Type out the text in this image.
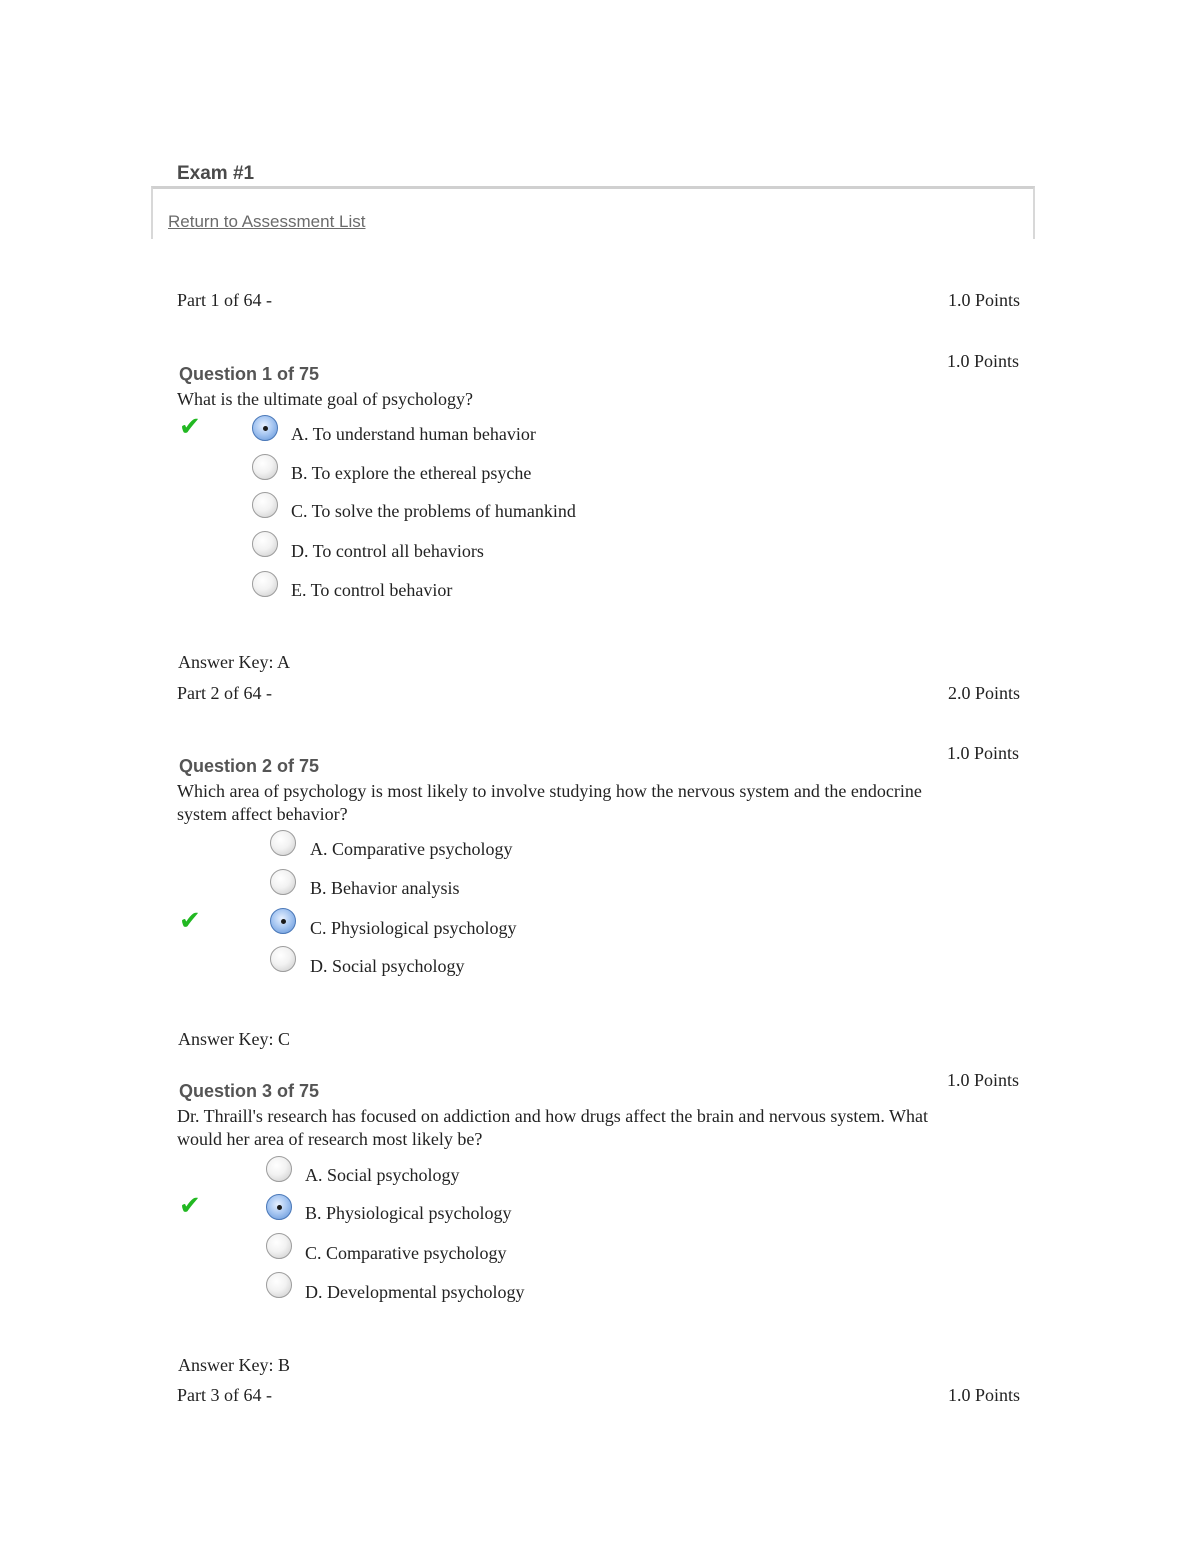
Exam #1
Return to Assessment List
Part 1 of 64 -	1.0 Points
1.0 Points
Question 1 of 75
What is the ultimate goal of psychology?
✔	A. To understand human behavior
B. To explore the ethereal psyche
C. To solve the problems of humankind
D. To control all behaviors
E. To control behavior
Answer Key: A
Part 2 of 64 -	2.0 Points
1.0 Points
Question 2 of 75
Which area of psychology is most likely to involve studying how the nervous system and the endocrine
system affect behavior?
A. Comparative psychology
B. Behavior analysis
✔	C. Physiological psychology
D. Social psychology
Answer Key: C
1.0 Points
Question 3 of 75
Dr. Thraill's research has focused on addiction and how drugs affect the brain and nervous system. What
would her area of research most likely be?
A. Social psychology
✔	B. Physiological psychology
C. Comparative psychology
D. Developmental psychology
Answer Key: B
Part 3 of 64 -	1.0 Points
